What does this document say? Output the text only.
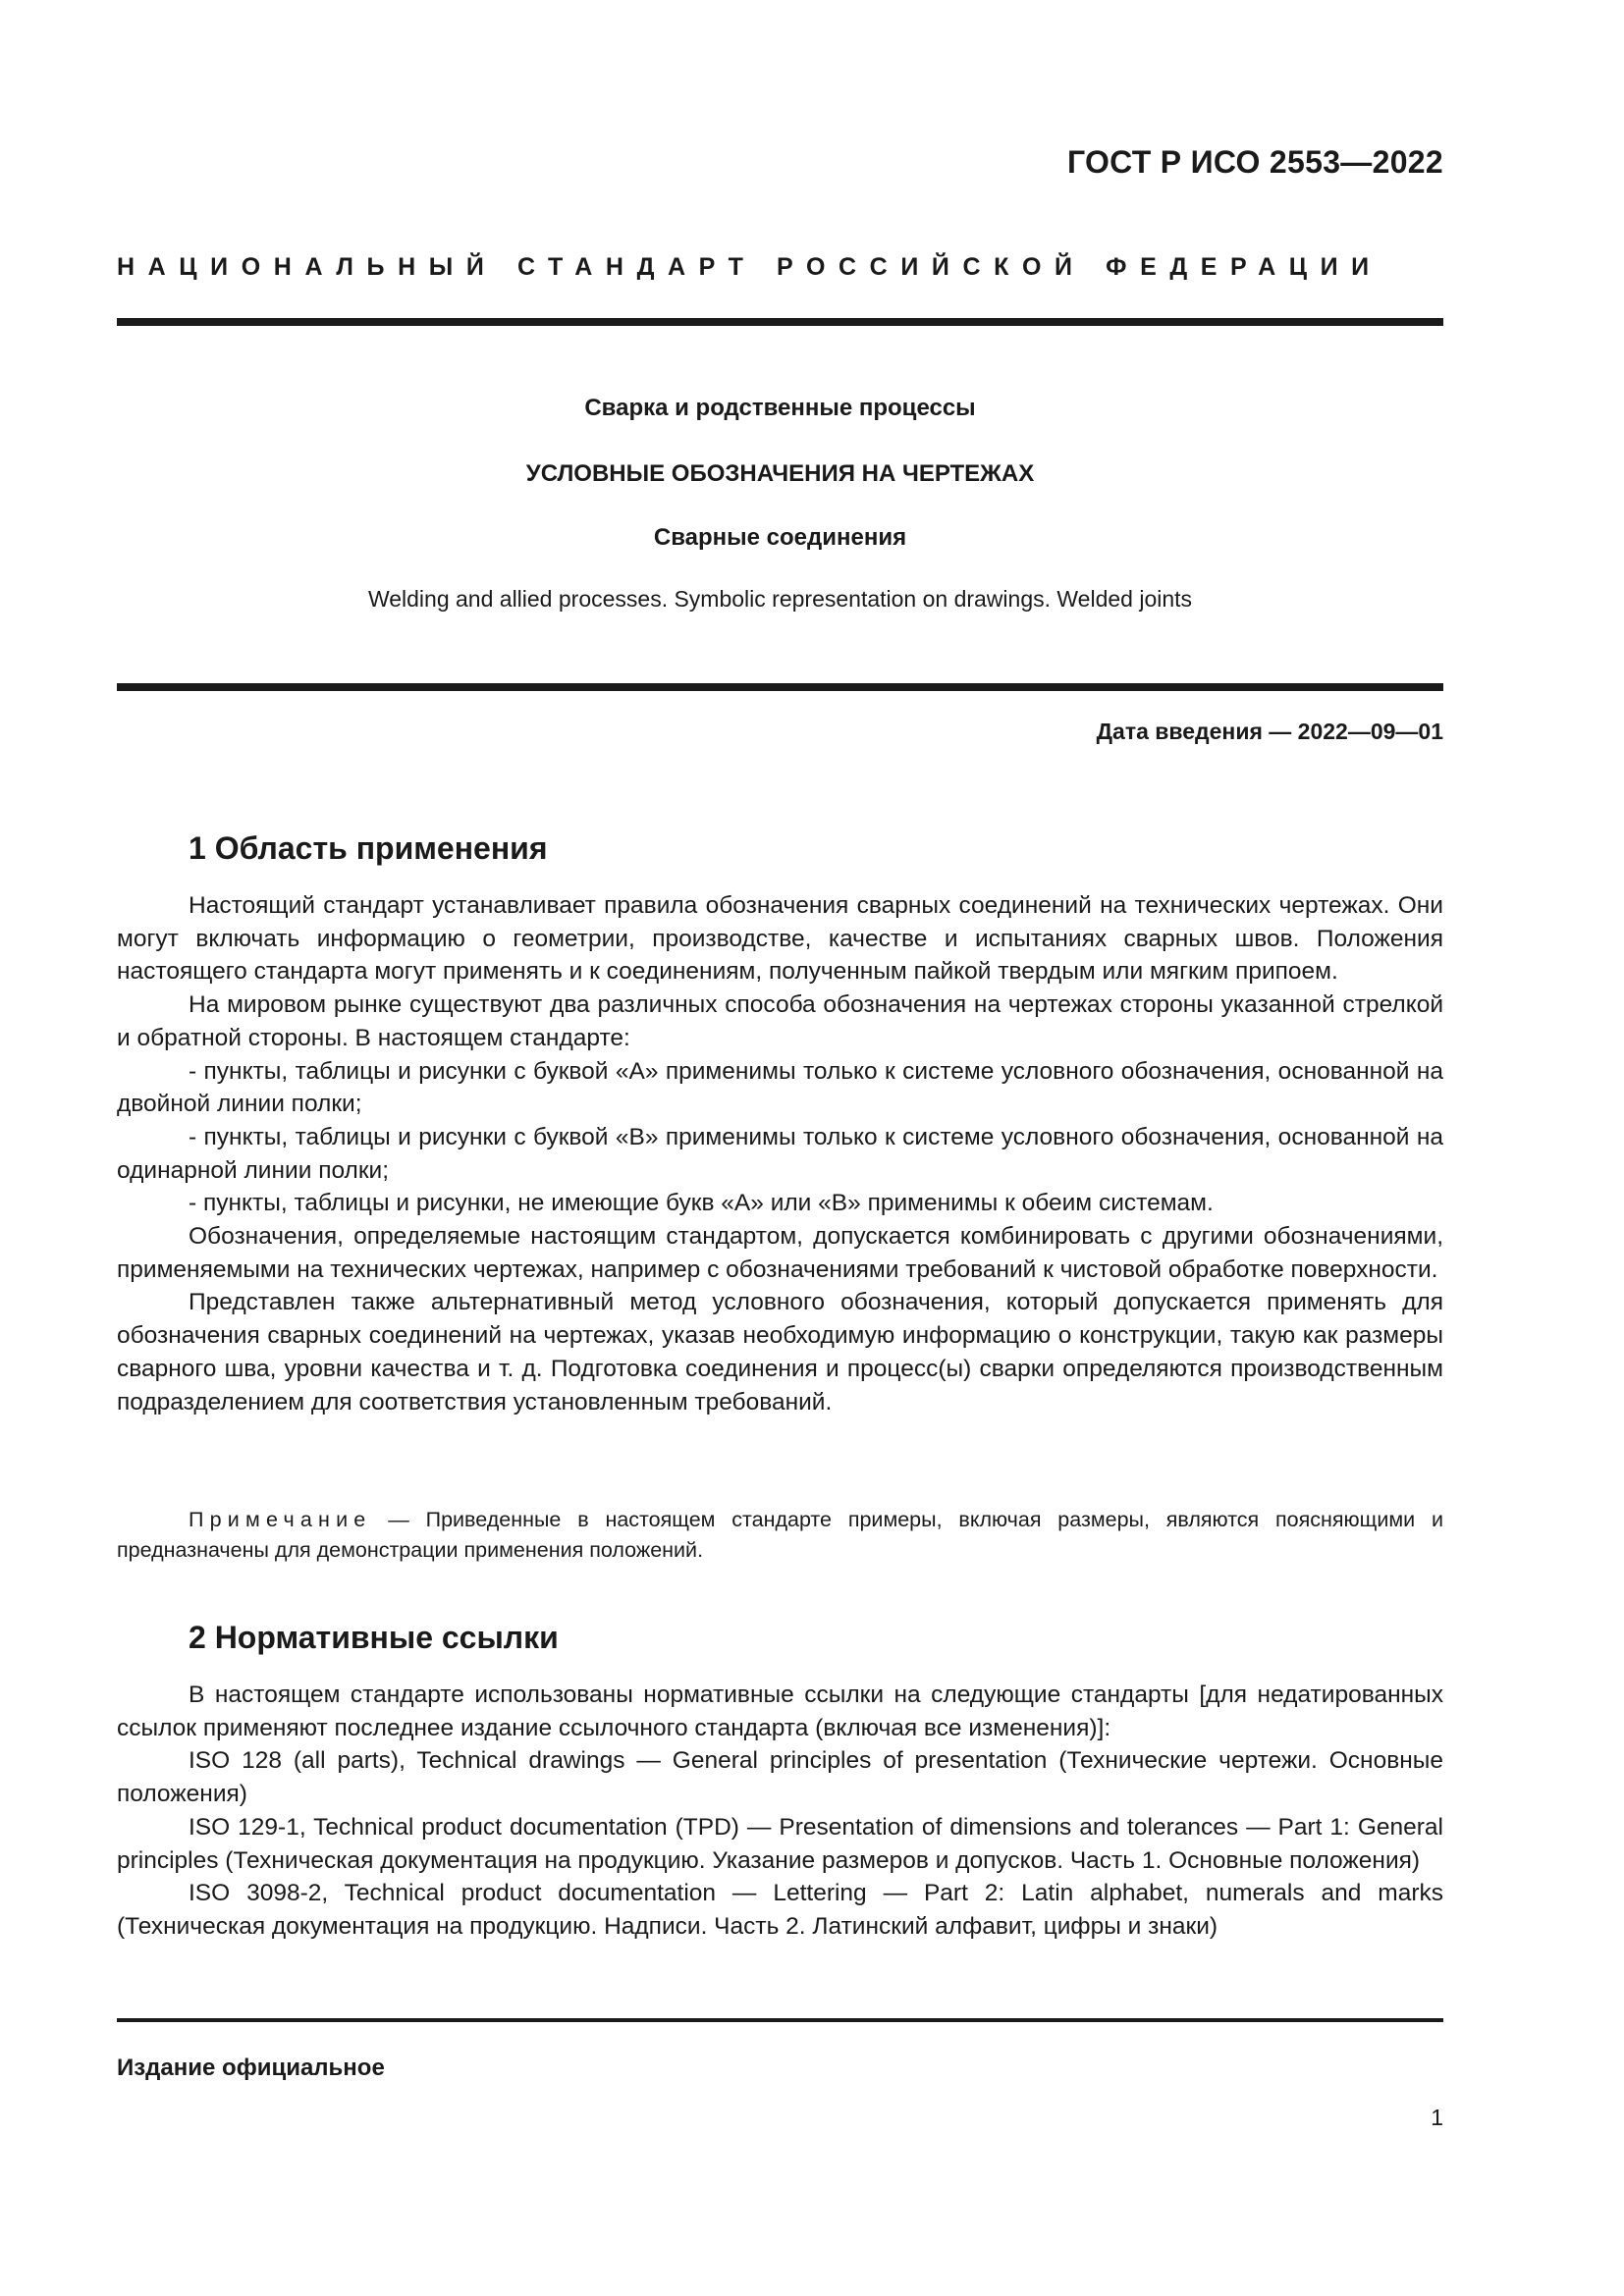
ГОСТ Р ИСО 2553—2022
НАЦИОНАЛЬНЫЙ СТАНДАРТ РОССИЙСКОЙ ФЕДЕРАЦИИ
Сварка и родственные процессы
УСЛОВНЫЕ ОБОЗНАЧЕНИЯ НА ЧЕРТЕЖАХ
Сварные соединения
Welding and allied processes. Symbolic representation on drawings. Welded joints
Дата введения — 2022—09—01
1 Область применения

Настоящий стандарт устанавливает правила обозначения сварных соединений на технических чертежах. Они могут включать информацию о геометрии, производстве, качестве и испытаниях сварных швов. Положения настоящего стандарта могут применять и к соединениям, полученным пайкой твердым или мягким припоем.

На мировом рынке существуют два различных способа обозначения на чертежах стороны указанной стрелкой и обратной стороны. В настоящем стандарте:

- пункты, таблицы и рисунки с буквой «А» применимы только к системе условного обозначения, основанной на двойной линии полки;

- пункты, таблицы и рисунки с буквой «В» применимы только к системе условного обозначения, основанной на одинарной линии полки;

- пункты, таблицы и рисунки, не имеющие букв «А» или «В» применимы к обеим системам.

Обозначения, определяемые настоящим стандартом, допускается комбинировать с другими обозначениями, применяемыми на технических чертежах, например с обозначениями требований к чистовой обработке поверхности.

Представлен также альтернативный метод условного обозначения, который допускается применять для обозначения сварных соединений на чертежах, указав необходимую информацию о конструкции, такую как размеры сварного шва, уровни качества и т. д. Подготовка соединения и процесс(ы) сварки определяются производственным подразделением для соответствия установленным требований.

Примечание — Приведенные в настоящем стандарте примеры, включая размеры, являются поясняющими и предназначены для демонстрации применения положений.
2 Нормативные ссылки

В настоящем стандарте использованы нормативные ссылки на следующие стандарты [для недатированных ссылок применяют последнее издание ссылочного стандарта (включая все изменения)]:

ISO 128 (all parts), Technical drawings — General principles of presentation (Технические чертежи. Основные положения)

ISO 129-1, Technical product documentation (TPD) — Presentation of dimensions and tolerances — Part 1: General principles (Техническая документация на продукцию. Указание размеров и допусков. Часть 1. Основные положения)

ISO 3098-2, Technical product documentation — Lettering — Part 2: Latin alphabet, numerals and marks (Техническая документация на продукцию. Надписи. Часть 2. Латинский алфавит, цифры и знаки)

Издание официальное
1
